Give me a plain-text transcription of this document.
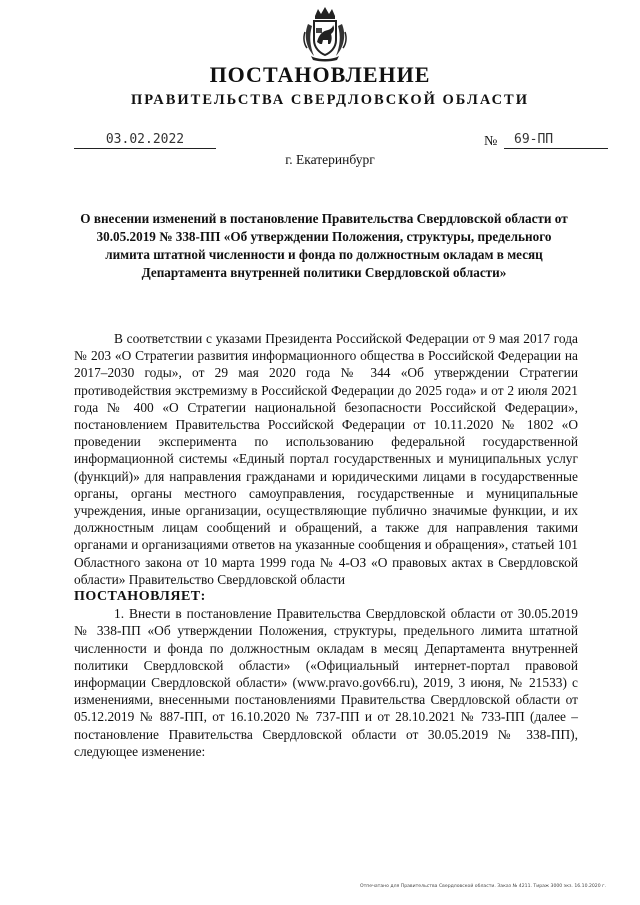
ПОСТАНОВЛЕНИЕ
ПРАВИТЕЛЬСТВА СВЕРДЛОВСКОЙ ОБЛАСТИ
03.02.2022	№	69-ПП
г. Екатеринбург
О внесении изменений в постановление Правительства Свердловской области от 30.05.2019 № 338-ПП «Об утверждении Положения, структуры, предельного лимита штатной численности и фонда по должностным окладам в месяц Департамента внутренней политики Свердловской области»

В соответствии с указами Президента Российской Федерации от 9 мая 2017 года № 203 «О Стратегии развития информационного общества в Российской Федерации на 2017–2030 годы», от 29 мая 2020 года № 344 «Об утверждении Стратегии противодействия экстремизму в Российской Федерации до 2025 года» и от 2 июля 2021 года № 400 «О Стратегии национальной безопасности Российской Федерации», постановлением Правительства Российской Федерации от 10.11.2020 № 1802 «О проведении эксперимента по использованию федеральной государственной информационной системы «Единый портал государственных и муниципальных услуг (функций)» для направления гражданами и юридическими лицами в государственные органы, органы местного самоуправления, государственные и муниципальные учреждения, иные организации, осуществляющие публично значимые функции, и их должностным лицам сообщений и обращений, а также для направления такими органами и организациями ответов на указанные сообщения и обращения», статьей 101 Областного закона от 10 марта 1999 года № 4-ОЗ «О правовых актах в Свердловской области» Правительство Свердловской области

ПОСТАНОВЛЯЕТ:

1. Внести в постановление Правительства Свердловской области от 30.05.2019 № 338-ПП «Об утверждении Положения, структуры, предельного лимита штатной численности и фонда по должностным окладам в месяц Департамента внутренней политики Свердловской области» («Официальный интернет-портал правовой информации Свердловской области» (www.pravo.gov66.ru), 2019, 3 июня, № 21533) с изменениями, внесенными постановлениями Правительства Свердловской области от 05.12.2019 № 887-ПП, от 16.10.2020 № 737-ПП и от 28.10.2021 № 733-ПП (далее – постановление Правительства Свердловской области от 30.05.2019 № 338-ПП), следующее изменение:

Отпечатано для Правительства Свердловской области. Заказ № 4211. Тираж 3000 экз. 16.10.2020 г.
